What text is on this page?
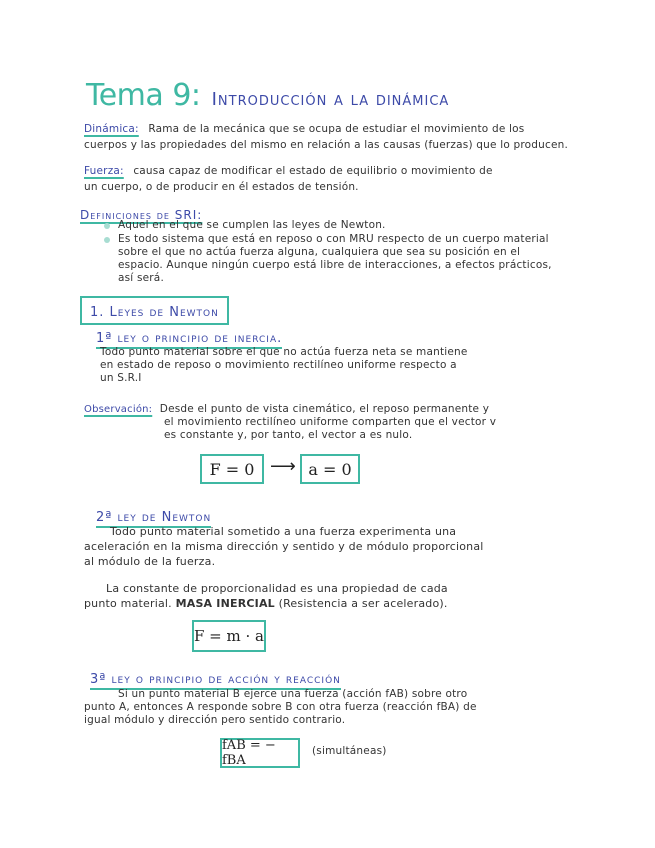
Tema 9: Introducción a la dinámica
Dinámica: Rama de la mecánica que se ocupa de estudiar el movimiento de los
cuerpos y las propiedades del mismo en relación a las causas (fuerzas) que lo producen.
Fuerza: causa capaz de modificar el estado de equilibrio o movimiento de
un cuerpo, o de producir en él estados de tensión.
Definiciones de SRI:
Aquel en el que se cumplen las leyes de Newton.
Es todo sistema que está en reposo o con MRU respecto de un cuerpo material
sobre el que no actúa fuerza alguna, cualquiera que sea su posición en el
espacio. Aunque ningún cuerpo está libre de interacciones, a efectos prácticos,
así será.
1. Leyes de Newton
1ª ley o principio de inercia.
Todo punto material sobre el que no actúa fuerza neta se mantiene
en estado de reposo o movimiento rectilíneo uniforme respecto a
un S.R.I
Observación: Desde el punto de vista cinemático, el reposo permanente y
el movimiento rectilíneo uniforme comparten que el vector v
es constante y, por tanto, el vector a es nulo.
F = 0 ⟶ a = 0
2ª ley de Newton
Todo punto material sometido a una fuerza experimenta una
aceleración en la misma dirección y sentido y de módulo proporcional
al módulo de la fuerza.
La constante de proporcionalidad es una propiedad de cada
punto material. MASA INERCIAL (Resistencia a ser acelerado).
F = m · a
3ª ley o principio de acción y reacción
Si un punto material B ejerce una fuerza (acción fAB) sobre otro
punto A, entonces A responde sobre B con otra fuerza (reacción fBA) de
igual módulo y dirección pero sentido contrario.
fAB = − fBA
(simultáneas)
